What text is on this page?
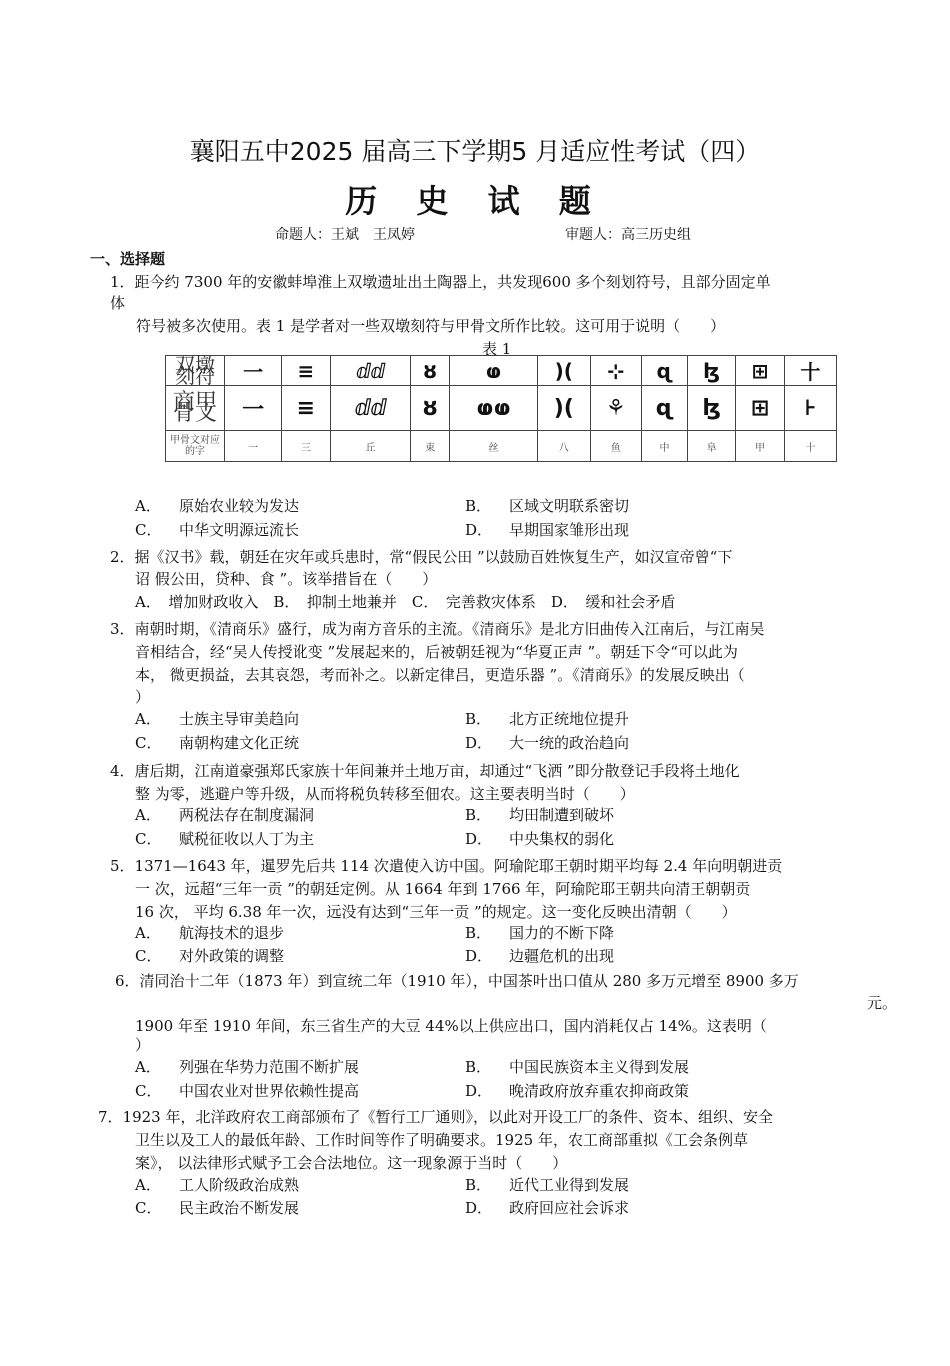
襄阳五中2025 届高三下学期5 月适应性考试（四）
历 史 试 题
命题人：王斌　王凤婷	审题人：高三历史组
一、选择题
1．距今约 7300 年的安徽蚌埠淮上双墩遗址出土陶器上，共发现600 多个刻划符号，且部分固定单
体
符号被多次使用。表 1 是学者对一些双墩刻符与甲骨文所作比较。这可用于说明（　　）
表 1
双墩刻符	一	≡	ⅆⅆ	ȣ	ⱷ	)(	⊹	ɋ	ɮ	⊞	十
商甲骨文	一	≡	ⅆⅆ	ȣ	ⱷⱷ	)(	⚘	ɋ	ɮ	⊞	⊦
甲骨文对应的字	一	三	丘	束	丝	八	鱼	中	阜	甲	十
A． 原始农业较为发达	B． 区域文明联系密切
C． 中华文明源远流长	D． 早期国家雏形出现
2．据《汉书》载，朝廷在灾年或兵患时，常“假民公田 ”以鼓励百姓恢复生产，如汉宣帝曾“下
诏 假公田，贷种、食 ”。该举措旨在（　　）
A．　增加财政收入　B．　抑制土地兼并　C．　完善救灾体系　D．　缓和社会矛盾
3．南朝时期，《清商乐》盛行，成为南方音乐的主流。《清商乐》是北方旧曲传入江南后，与江南吴
音相结合，经“吴人传授讹变 ”发展起来的，后被朝廷视为“华夏正声 ”。朝廷下令“可以此为
本， 微更损益，去其哀怨，考而补之。以新定律吕，更造乐器 ”。《清商乐》的发展反映出（
）
A． 士族主导审美趋向	B． 北方正统地位提升
C． 南朝构建文化正统	D． 大一统的政治趋向
4．唐后期，江南道豪强郑氏家族十年间兼并土地万亩，却通过“飞洒 ”即分散登记手段将土地化
整 为零，逃避户等升级，从而将税负转移至佃农。这主要表明当时（　　）
A． 两税法存在制度漏洞	B． 均田制遭到破坏
C． 赋税征收以人丁为主	D． 中央集权的弱化
5．1371—1643 年，暹罗先后共 114 次遣使入访中国。阿瑜陀耶王朝时期平均每 2.4 年向明朝进贡
一 次，远超“三年一贡 ”的朝廷定例。从 1664 年到 1766 年，阿瑜陀耶王朝共向清王朝朝贡
16 次， 平均 6.38 年一次，远没有达到“三年一贡 ”的规定。这一变化反映出清朝（　　）
A． 航海技术的退步	B． 国力的不断下降
C． 对外政策的调整	D． 边疆危机的出现
6．清同治十二年（1873 年）到宣统二年（1910 年），中国茶叶出口值从 280 多万元增至 8900 多万
元。
1900 年至 1910 年间，东三省生产的大豆 44%以上供应出口，国内消耗仅占 14%。这表明（
）
A． 列强在华势力范围不断扩展	B． 中国民族资本主义得到发展
C． 中国农业对世界依赖性提高	D． 晚清政府放弃重农抑商政策
7．1923 年，北洋政府农工商部颁布了《暂行工厂通则》，以此对开设工厂的条件、资本、组织、安全
卫生以及工人的最低年龄、工作时间等作了明确要求。1925 年，农工商部重拟《工会条例草
案》， 以法律形式赋予工会合法地位。这一现象源于当时（　　）
A． 工人阶级政治成熟	B． 近代工业得到发展
C． 民主政治不断发展	D． 政府回应社会诉求
